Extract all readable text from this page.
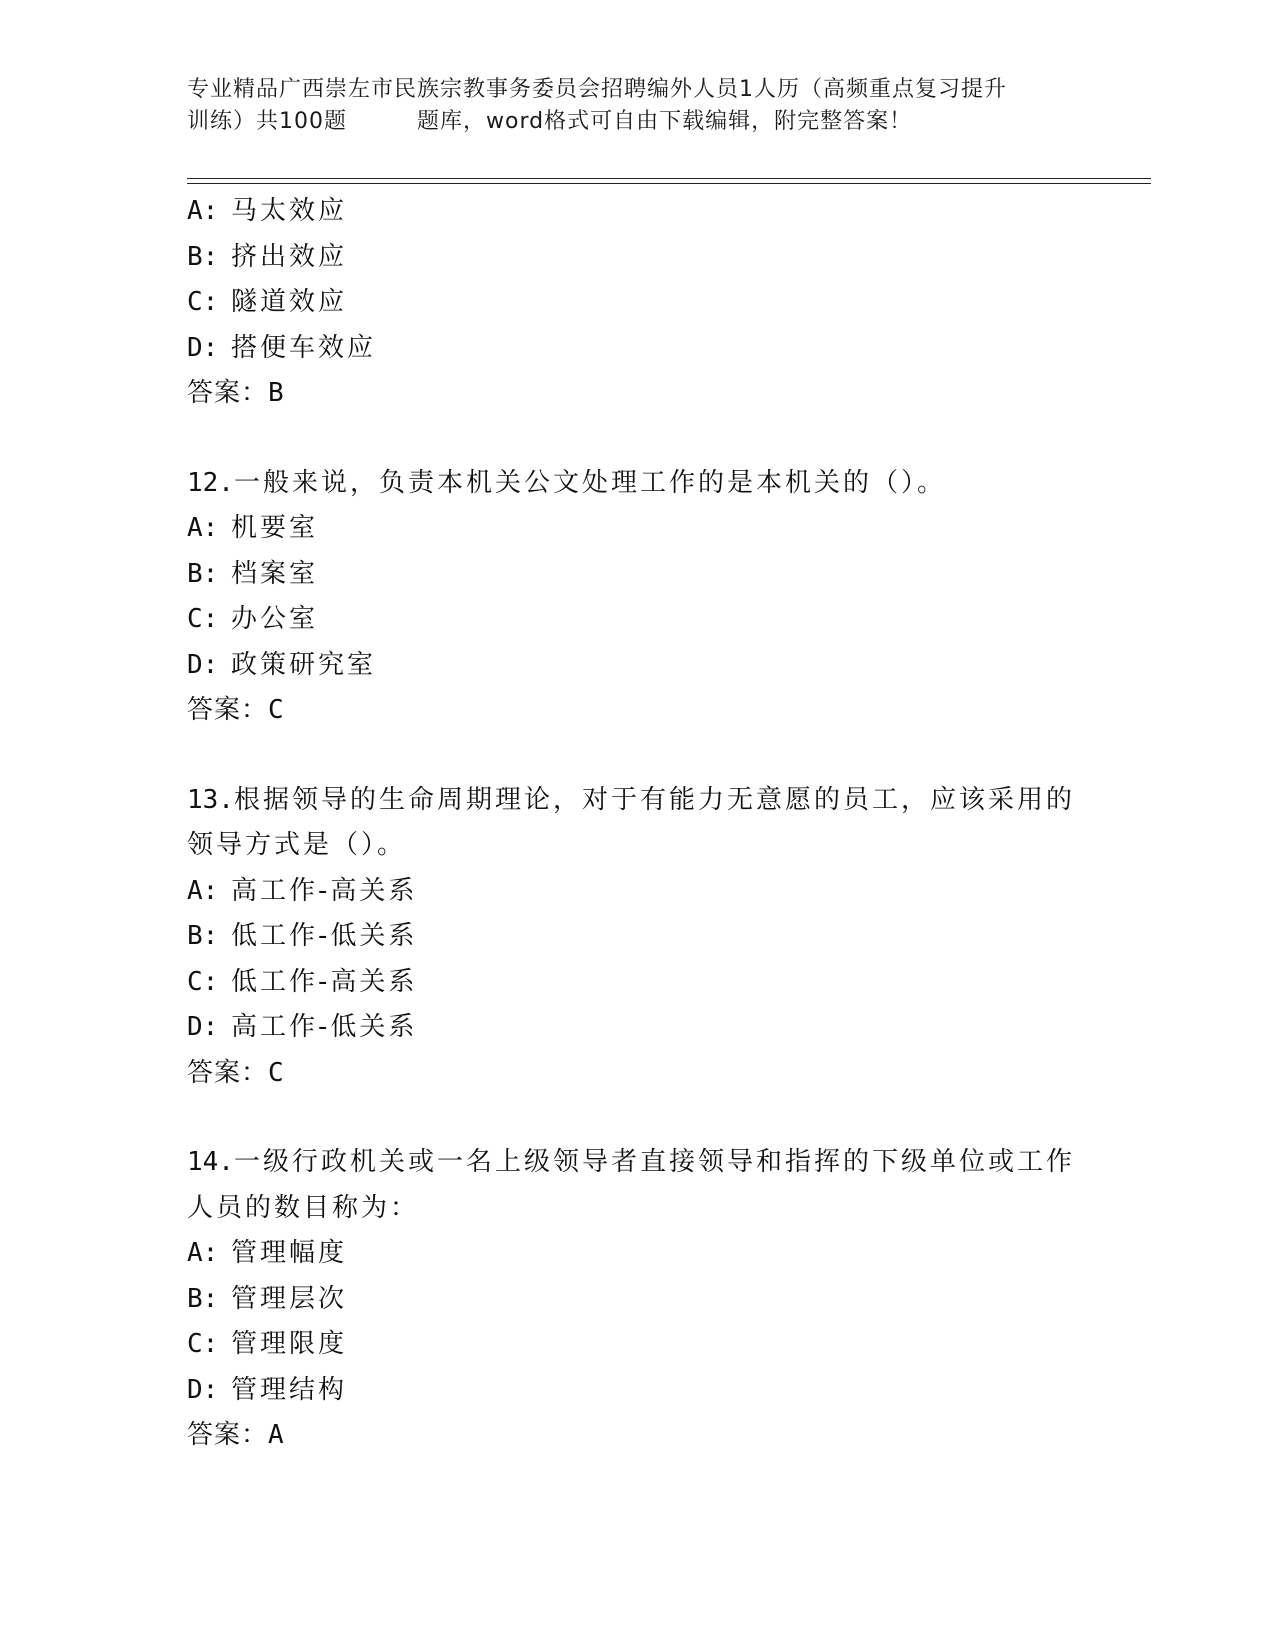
专业精品广西崇左市民族宗教事务委员会招聘编外人员1人历（高频重点复习提升
训练）共100题	题库，word格式可自由下载编辑，附完整答案！
A: 马太效应
B: 挤出效应
C: 隧道效应
D: 搭便车效应
答案：B
12.一般来说，负责本机关公文处理工作的是本机关的（）。
A: 机要室
B: 档案室
C: 办公室
D: 政策研究室
答案：C
13.根据领导的生命周期理论，对于有能力无意愿的员工，应该采用的
领导方式是（）。
A: 高工作-高关系
B: 低工作-低关系
C: 低工作-高关系
D: 高工作-低关系
答案：C
14.一级行政机关或一名上级领导者直接领导和指挥的下级单位或工作
人员的数目称为：
A: 管理幅度
B: 管理层次
C: 管理限度
D: 管理结构
答案：A
